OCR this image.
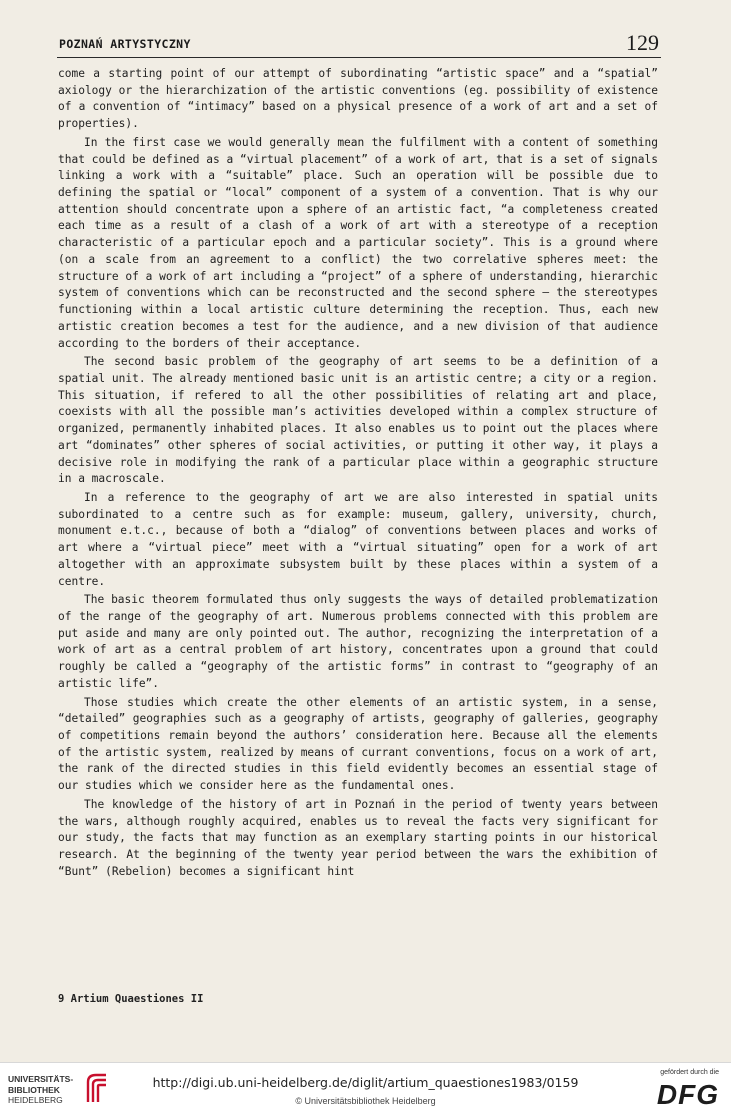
POZNAŃ ARTYSTYCZNY	129

come a starting point of our attempt of subordinating “artistic space” and a “spatial” axiology or the hierarchization of the artistic conventions (eg. possibility of existence of a convention of “intimacy” based on a physical presence of a work of art and a set of properties).

In the first case we would generally mean the fulfilment with a content of something that could be defined as a “virtual placement” of a work of art, that is a set of signals linking a work with a “suitable” place. Such an operation will be possible due to defining the spatial or “local” component of a system of a convention. That is why our attention should concentrate upon a sphere of an artistic fact, “a completeness created each time as a result of a clash of a work of art with a stereotype of a reception characteristic of a particular epoch and a particular society”. This is a ground where (on a scale from an agreement to a conflict) the two correlative spheres meet: the structure of a work of art including a “project” of a sphere of understanding, hierarchic system of conventions which can be reconstructed and the second sphere — the stereotypes functioning within a local artistic culture determining the reception. Thus, each new artistic creation becomes a test for the audience, and a new division of that audience according to the borders of their acceptance.

The second basic problem of the geography of art seems to be a definition of a spatial unit. The already mentioned basic unit is an artistic centre; a city or a region. This situation, if refered to all the other possibilities of relating art and place, coexists with all the possible man’s activities developed within a complex structure of organized, permanently inhabited places. It also enables us to point out the places where art “dominates” other spheres of social activities, or putting it other way, it plays a decisive role in modifying the rank of a particular place within a geographic structure in a macroscale.

In a reference to the geography of art we are also interested in spatial units subordinated to a centre such as for example: museum, gallery, university, church, monument e.t.c., because of both a “dialog” of conventions between places and works of art where a “virtual piece” meet with a “virtual situating” open for a work of art altogether with an approximate subsystem built by these places within a system of a centre.

The basic theorem formulated thus only suggests the ways of detailed problematization of the range of the geography of art. Numerous problems connected with this problem are put aside and many are only pointed out. The author, recognizing the interpretation of a work of art as a central problem of art history, concentrates upon a ground that could roughly be called a “geography of the artistic forms” in contrast to “geography of an artistic life”.

Those studies which create the other elements of an artistic system, in a sense, “detailed” geographies such as a geography of artists, geography of galleries, geography of competitions remain beyond the authors’ consideration here. Because all the elements of the artistic system, realized by means of currant conventions, focus on a work of art, the rank of the directed studies in this field evidently becomes an essential stage of our studies which we consider here as the fundamental ones.

The knowledge of the history of art in Poznań in the period of twenty years between the wars, although roughly acquired, enables us to reveal the facts very significant for our study, the facts that may function as an exemplary starting points in our historical research. At the beginning of the twenty year period between the wars the exhibition of “Bunt” (Rebelion) becomes a significant hint

9 Artium Quaestiones II
UNIVERSITÄTS-
BIBLIOTHEK
HEIDELBERG
http://digi.ub.uni-heidelberg.de/diglit/artium_quaestiones1983/0159
© Universitätsbibliothek Heidelberg
gefördert durch die
DFG
